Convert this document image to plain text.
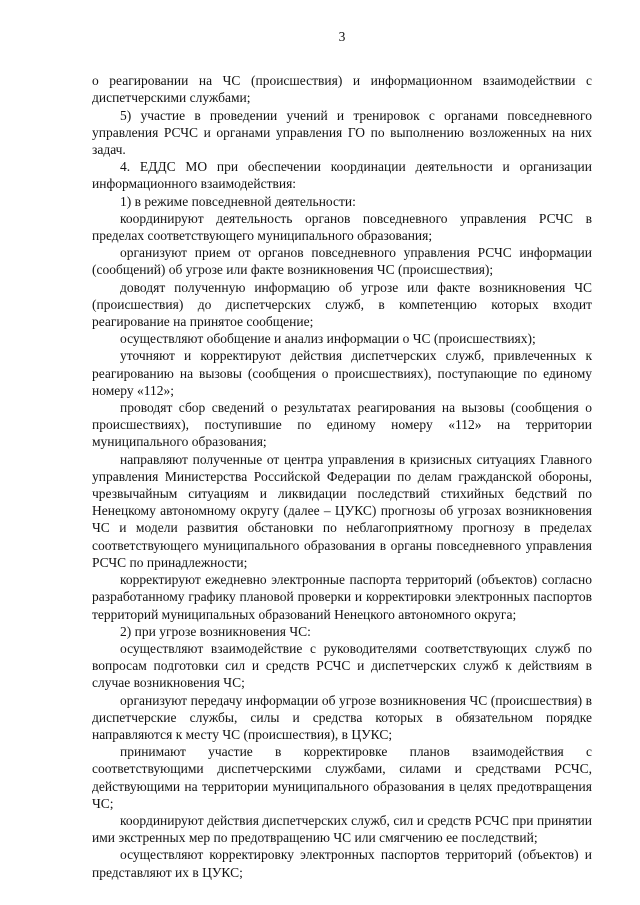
3

о реагировании на ЧС (происшествия) и информационном взаимодействии с диспетчерскими службами;

5) участие в проведении учений и тренировок с органами повседневного управления РСЧС и органами управления ГО по выполнению возложенных на них задач.

4. ЕДДС МО при обеспечении координации деятельности и организации информационного взаимодействия:

1) в режиме повседневной деятельности:

координируют деятельность органов повседневного управления РСЧС в пределах соответствующего муниципального образования;

организуют прием от органов повседневного управления РСЧС информации (сообщений) об угрозе или факте возникновения ЧС (происшествия);

доводят полученную информацию об угрозе или факте возникновения ЧС (происшествия) до диспетчерских служб, в компетенцию которых входит реагирование на принятое сообщение;

осуществляют обобщение и анализ информации о ЧС (происшествиях);

уточняют и корректируют действия диспетчерских служб, привлеченных к реагированию на вызовы (сообщения о происшествиях), поступающие по единому номеру «112»;

проводят сбор сведений о результатах реагирования на вызовы (сообщения о происшествиях), поступившие по единому номеру «112» на территории муниципального образования;

направляют полученные от центра управления в кризисных ситуациях Главного управления Министерства Российской Федерации по делам гражданской обороны, чрезвычайным ситуациям и ликвидации последствий стихийных бедствий по Ненецкому автономному округу (далее – ЦУКС) прогнозы об угрозах возникновения ЧС и модели развития обстановки по неблагоприятному прогнозу в пределах соответствующего муниципального образования в органы повседневного управления РСЧС по принадлежности;

корректируют ежедневно электронные паспорта территорий (объектов) согласно разработанному графику плановой проверки и корректировки электронных паспортов территорий муниципальных образований Ненецкого автономного округа;

2) при угрозе возникновения ЧС:

осуществляют взаимодействие с руководителями соответствующих служб по вопросам подготовки сил и средств РСЧС и диспетчерских служб к действиям в случае возникновения ЧС;

организуют передачу информации об угрозе возникновения ЧС (происшествия) в диспетчерские службы, силы и средства которых в обязательном порядке направляются к месту ЧС (происшествия), в ЦУКС;

принимают участие в корректировке планов взаимодействия с соответствующими диспетчерскими службами, силами и средствами РСЧС, действующими на территории муниципального образования в целях предотвращения ЧС;

координируют действия диспетчерских служб, сил и средств РСЧС при принятии ими экстренных мер по предотвращению ЧС или смягчению ее последствий;

осуществляют корректировку электронных паспортов территорий (объектов) и представляют их в ЦУКС;
